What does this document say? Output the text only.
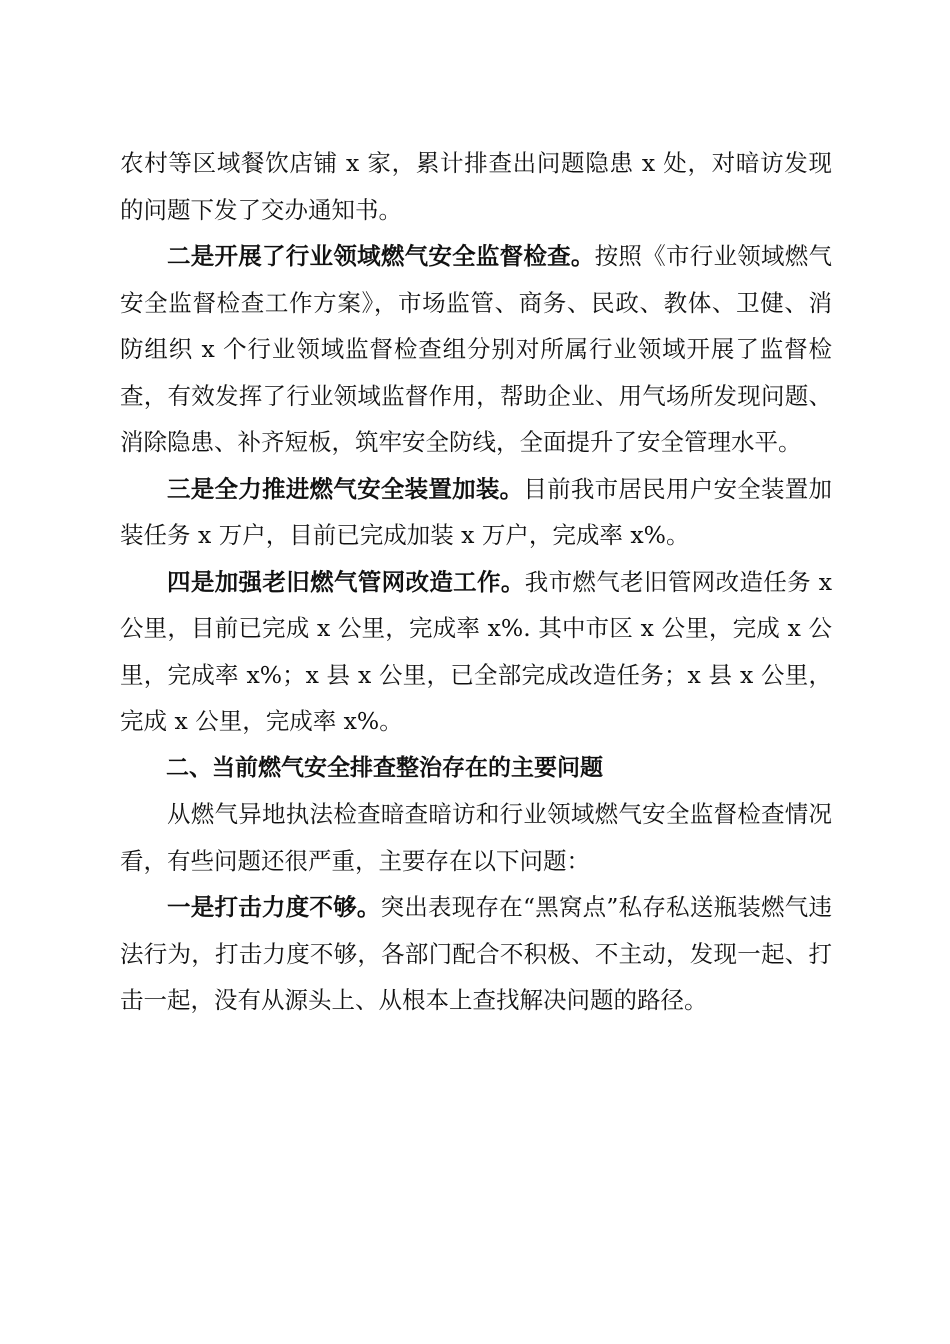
农村等区域餐饮店铺 x 家，累计排查出问题隐患 x 处，对暗访发现的问题下发了交办通知书。

二是开展了行业领域燃气安全监督检查。按照《市行业领域燃气安全监督检查工作方案》，市场监管、商务、民政、教体、卫健、消防组织 x 个行业领域监督检查组分别对所属行业领域开展了监督检查，有效发挥了行业领域监督作用，帮助企业、用气场所发现问题、消除隐患、补齐短板，筑牢安全防线，全面提升了安全管理水平。

三是全力推进燃气安全装置加装。目前我市居民用户安全装置加装任务 x 万户，目前已完成加装 x 万户，完成率 x%。

四是加强老旧燃气管网改造工作。我市燃气老旧管网改造任务 x 公里，目前已完成 x 公里，完成率 x%. 其中市区 x 公里，完成 x 公里，完成率 x%；x 县 x 公里，已全部完成改造任务；x 县 x 公里，完成 x 公里，完成率 x%。

二、当前燃气安全排查整治存在的主要问题

从燃气异地执法检查暗查暗访和行业领域燃气安全监督检查情况看，有些问题还很严重，主要存在以下问题：

一是打击力度不够。突出表现存在“黑窝点”私存私送瓶装燃气违法行为，打击力度不够，各部门配合不积极、不主动，发现一起、打击一起，没有从源头上、从根本上查找解决问题的路径。
